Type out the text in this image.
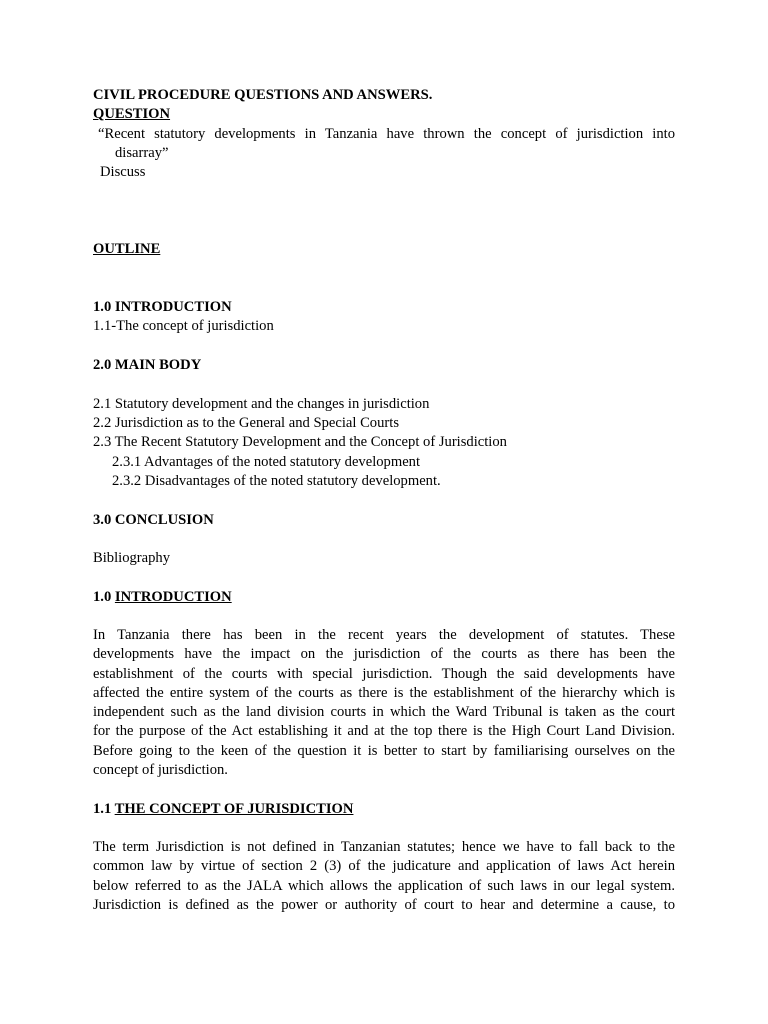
CIVIL PROCEDURE QUESTIONS AND ANSWERS.
QUESTION
“Recent statutory developments in Tanzania have thrown the concept of jurisdiction into
disarray”
Discuss
OUTLINE
1.0 INTRODUCTION
1.1-The concept of jurisdiction
2.0 MAIN BODY
2.1 Statutory development and the changes in jurisdiction
2.2 Jurisdiction as to the General and Special Courts
2.3 The Recent Statutory Development and the Concept of Jurisdiction
2.3.1 Advantages of the noted statutory development
2.3.2 Disadvantages of the noted statutory development.
3.0 CONCLUSION
Bibliography
1.0 INTRODUCTION
In Tanzania there has been in the recent years the development of statutes. These
developments have the impact on the jurisdiction of the courts as there has been the
establishment of the courts with special jurisdiction. Though the said developments have
affected the entire system of the courts as there is the establishment of the hierarchy which is
independent such as the land division courts in which the Ward Tribunal is taken as the court
for the purpose of the Act establishing it and at the top there is the High Court Land Division.
Before going to the keen of the question it is better to start by familiarising ourselves on the
concept of jurisdiction.
1.1 THE CONCEPT OF JURISDICTION
The term Jurisdiction is not defined in Tanzanian statutes; hence we have to fall back to the
common law by virtue of section 2 (3) of the judicature and application of laws Act herein
below referred to as the JALA which allows the application of such laws in our legal system.
Jurisdiction is defined as the power or authority of court to hear and determine a cause, to
